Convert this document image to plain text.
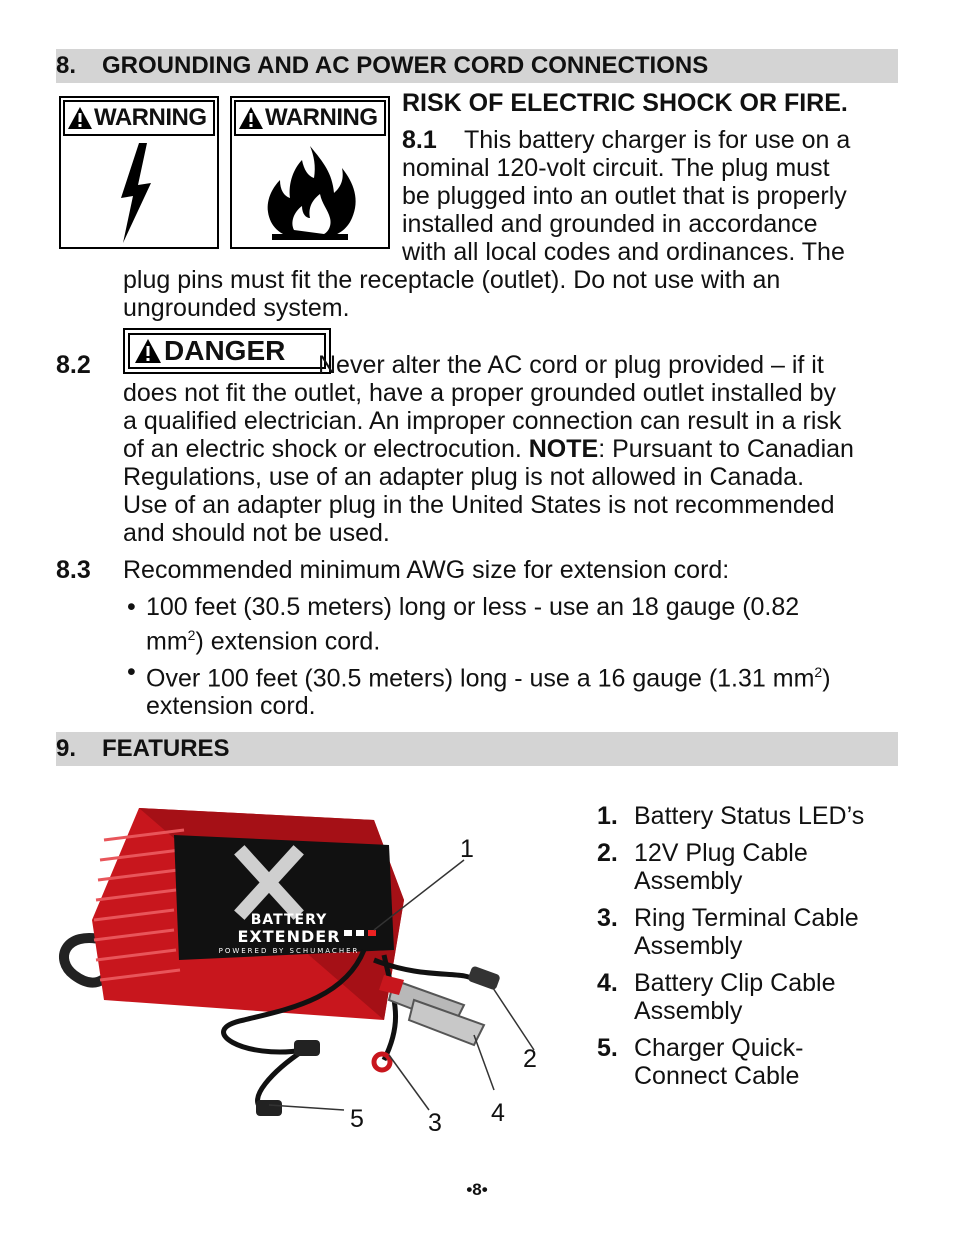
8. GROUNDING AND AC POWER CORD CONNECTIONS
WARNING WARNING
RISK OF ELECTRIC SHOCK OR FIRE.
8.1 This battery charger is for use on a
nominal 120-volt circuit. The plug must
be plugged into an outlet that is properly
installed and grounded in accordance
with all local codes and ordinances. The
plug pins must fit the receptacle (outlet). Do not use with an
ungrounded system.
8.2	DANGER Never alter the AC cord or plug provided – if it
does not fit the outlet, have a proper grounded outlet installed by
a qualified electrician. An improper connection can result in a risk
of an electric shock or electrocution. NOTE: Pursuant to Canadian
Regulations, use of an adapter plug is not allowed in Canada.
Use of an adapter plug in the United States is not recommended
and should not be used.
8.3 Recommended minimum AWG size for extension cord:
• 100 feet (30.5 meters) long or less - use an 18 gauge (0.82
$mm^2$) extension cord.
• Over 100 feet (30.5 meters) long - use a 16 gauge (1.31 $mm^2$)
extension cord.
9. FEATURES
BATTERY
EXTENDER
POWERED BY SCHUMACHER
1
2
3 4
5
1. Battery Status LED’s
2. 12V Plug Cable
Assembly
3. Ring Terminal Cable
Assembly
4. Battery Clip Cable
Assembly
5. Charger Quick-
Connect Cable
•8•
